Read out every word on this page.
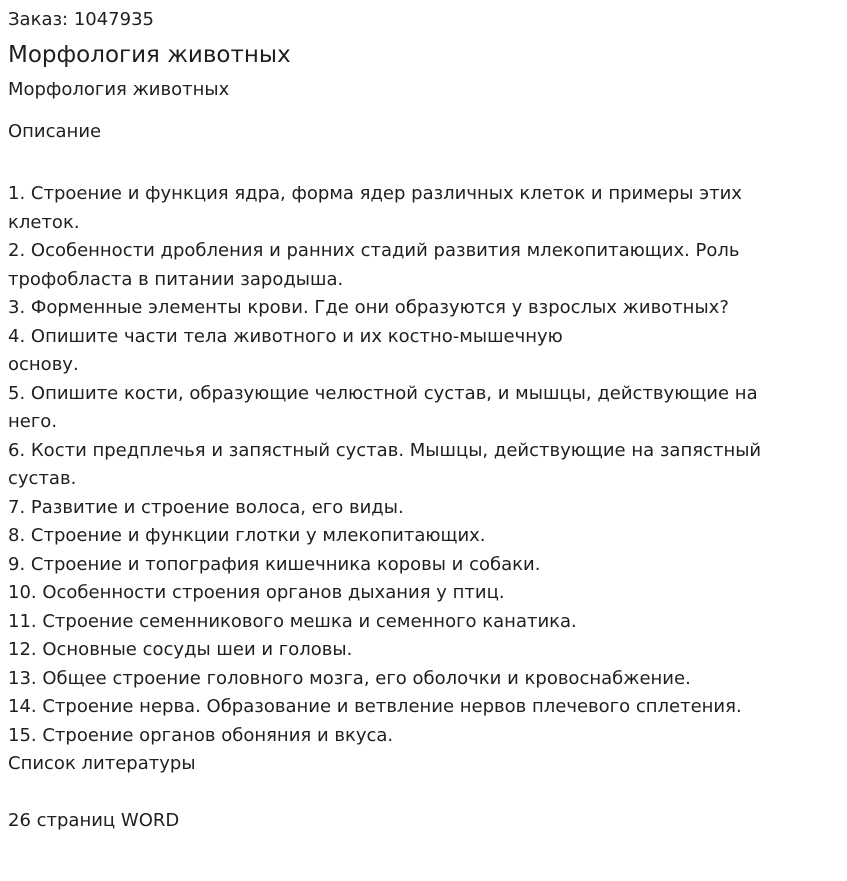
Заказ: 1047935

Морфология животных

Морфология животных

Описание
1. Строение и функция ядра, форма ядер различных клеток и примеры этих клеток.
2. Особенности дробления и ранних стадий развития млекопитающих. Роль трофобласта в питании зародыша.
3. Форменные элементы крови. Где они образуются у взрослых животных?
4. Опишите части тела животного и их костно-мышечную
основу.
5. Опишите кости, образующие челюстной сустав, и мышцы, действующие на него.
6. Кости предплечья и запястный сустав. Мышцы, действующие на запястный сустав.
7. Развитие и строение волоса, его виды.
8. Строение и функции глотки у млекопитающих.
9. Строение и топография кишечника коровы и собаки.
10. Особенности строения органов дыхания у птиц.
11. Строение семенникового мешка и семенного канатика.
12. Основные сосуды шеи и головы.
13. Общее строение головного мозга, его оболочки и кровоснабжение.
14. Строение нерва. Образование и ветвление нервов плечевого сплетения.
15. Строение органов обоняния и вкуса.

Список литературы

26 страниц WORD
